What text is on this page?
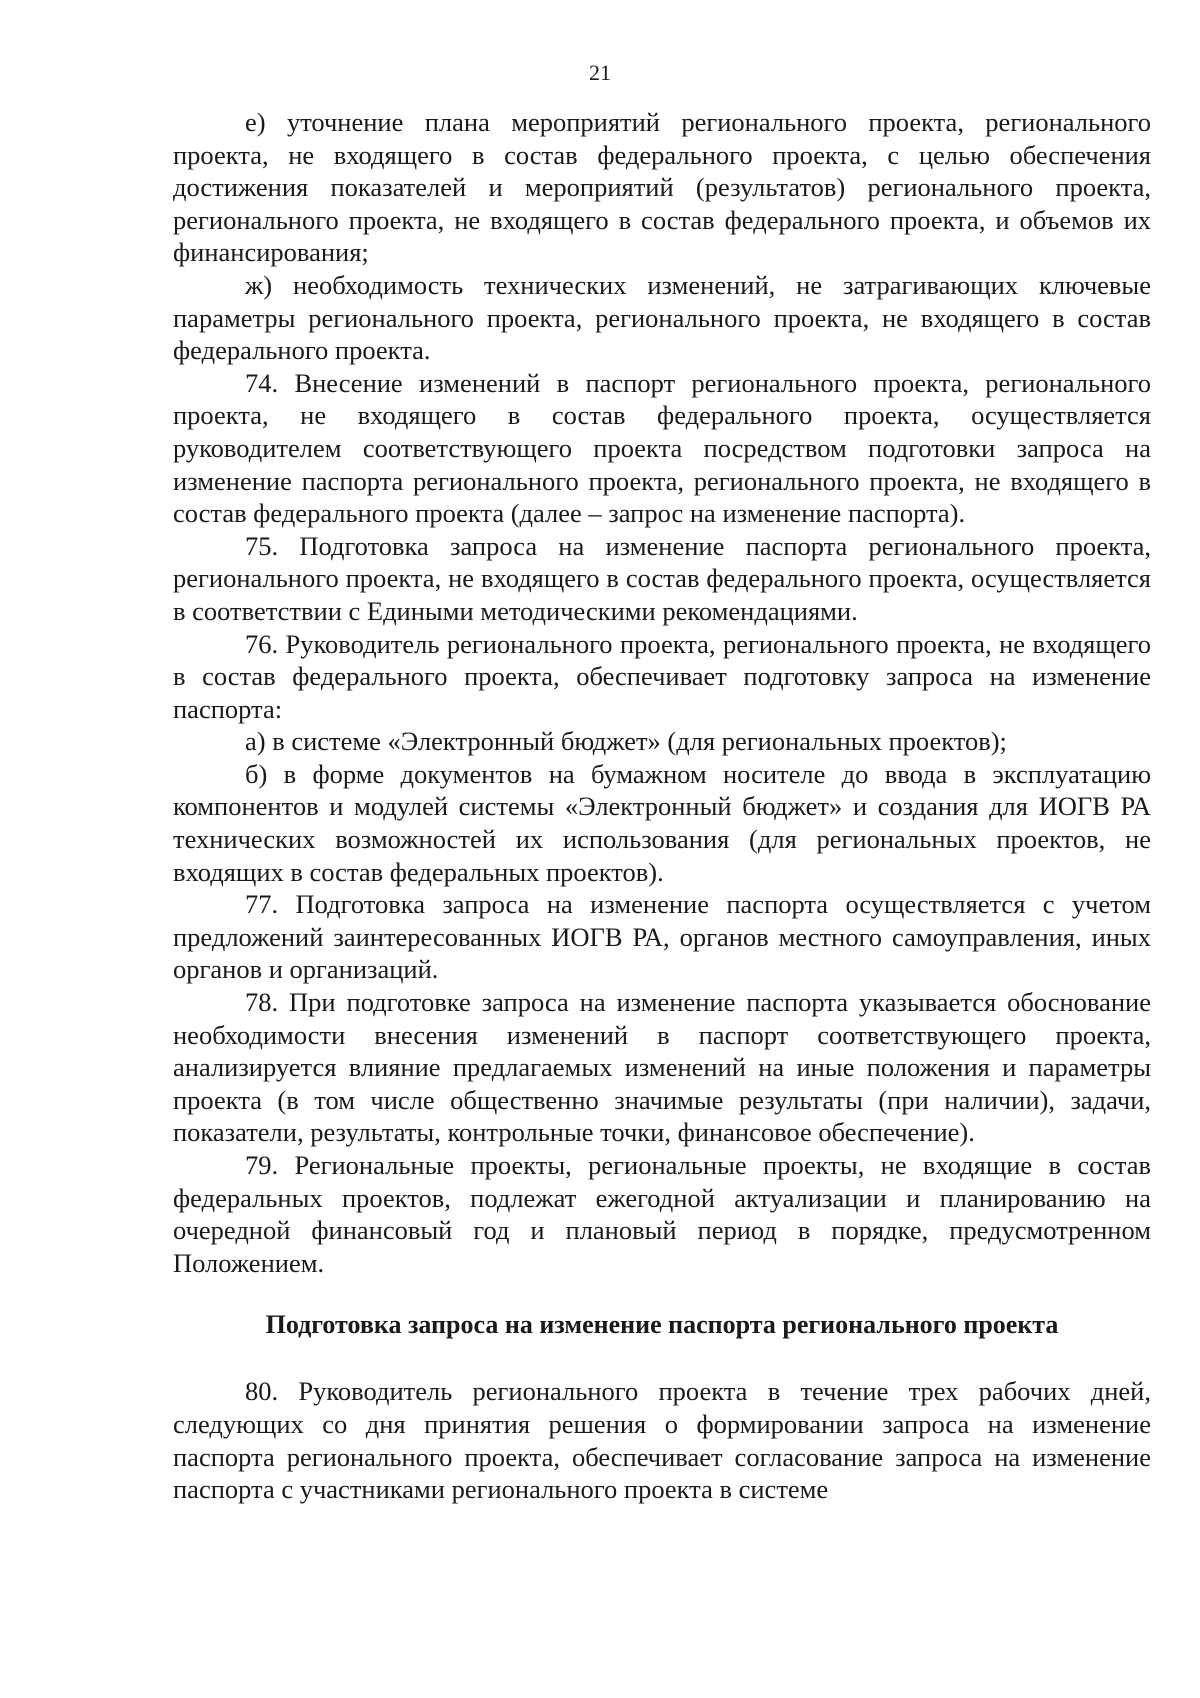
21

е) уточнение плана мероприятий регионального проекта, регионального проекта, не входящего в состав федерального проекта, с целью обеспечения достижения показателей и мероприятий (результатов) регионального проекта, регионального проекта, не входящего в состав федерального проекта, и объемов их финансирования;

ж) необходимость технических изменений, не затрагивающих ключевые параметры регионального проекта, регионального проекта, не входящего в состав федерального проекта.

74. Внесение изменений в паспорт регионального проекта, регионального проекта, не входящего в состав федерального проекта, осуществляется руководителем соответствующего проекта посредством подготовки запроса на изменение паспорта регионального проекта, регионального проекта, не входящего в состав федерального проекта (далее – запрос на изменение паспорта).

75. Подготовка запроса на изменение паспорта регионального проекта, регионального проекта, не входящего в состав федерального проекта, осуществляется в соответствии с Едиными методическими рекомендациями.

76. Руководитель регионального проекта, регионального проекта, не входящего в состав федерального проекта, обеспечивает подготовку запроса на изменение паспорта:

а) в системе «Электронный бюджет» (для региональных проектов);

б) в форме документов на бумажном носителе до ввода в эксплуатацию компонентов и модулей системы «Электронный бюджет» и создания для ИОГВ РА технических возможностей их использования (для региональных проектов, не входящих в состав федеральных проектов).

77. Подготовка запроса на изменение паспорта осуществляется с учетом предложений заинтересованных ИОГВ РА, органов местного самоуправления, иных органов и организаций.

78. При подготовке запроса на изменение паспорта указывается обоснование необходимости внесения изменений в паспорт соответствующего проекта, анализируется влияние предлагаемых изменений на иные положения и параметры проекта (в том числе общественно значимые результаты (при наличии), задачи, показатели, результаты, контрольные точки, финансовое обеспечение).

79. Региональные проекты, региональные проекты, не входящие в состав федеральных проектов, подлежат ежегодной актуализации и планированию на очередной финансовый год и плановый период в порядке, предусмотренном Положением.

Подготовка запроса на изменение паспорта регионального проекта

80. Руководитель регионального проекта в течение трех рабочих дней, следующих со дня принятия решения о формировании запроса на изменение паспорта регионального проекта, обеспечивает согласование запроса на изменение паспорта с участниками регионального проекта в системе
